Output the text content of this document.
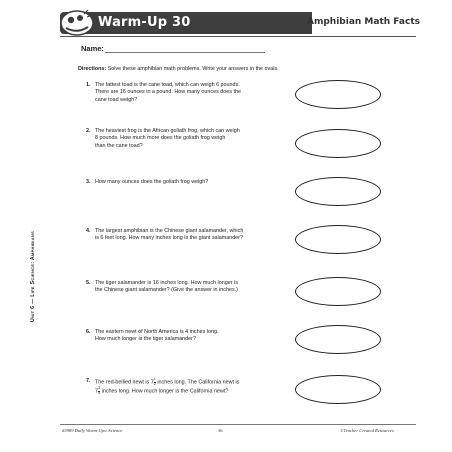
Warm-Up 30	Amphibian Math Facts
Name:
Directions: Solve these amphibian math problems. Write your answers in the ovals.
Unit 6 — Life Science: Amphibians
1. The fattest toad is the cane toad, which can weigh 6 pounds.
There are 16 ounces in a pound. How many ounces does the
cane toad weigh?
2. The heaviest frog is the African goliath frog, which can weigh
8 pounds. How much more does the goliath frog weigh
than the cane toad?
3. How many ounces does the goliath frog weigh?
4. The largest amphibian is the Chinese giant salamander, which
is 6 feet long. How many inches long is the giant salamander?
5. The tiger salamander is 16 inches long. How much longer is
the Chinese giant salamander? (Give the answer in inches.)
6. The eastern newt of North America is 4 inches long.
How much longer is the tiger salamander?
7. The red-bellied newt is $7 \frac{1}{2}$ inches long. The California newt is
$7 \frac{3}{4}$ inches long. How much longer is the California newt?
#3989 Daily Warm-Ups: Science	36	©Teacher Created Resources
